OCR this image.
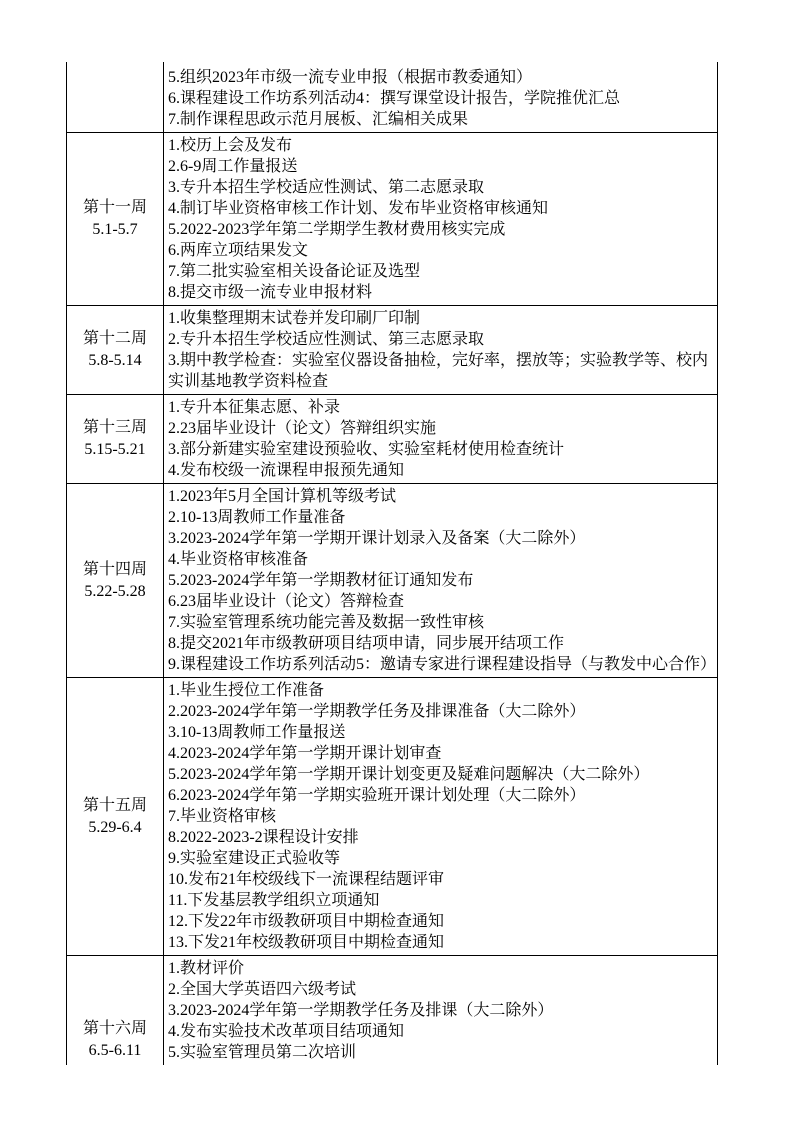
5.组织2023年市级一流专业申报（根据市教委通知）
6.课程建设工作坊系列活动4：撰写课堂设计报告，学院推优汇总
7.制作课程思政示范月展板、汇编相关成果
第十一周
5.1-5.7
1.校历上会及发布
2.6-9周工作量报送
3.专升本招生学校适应性测试、第二志愿录取
4.制订毕业资格审核工作计划、发布毕业资格审核通知
5.2022-2023学年第二学期学生教材费用核实完成
6.两库立项结果发文
7.第二批实验室相关设备论证及选型
8.提交市级一流专业申报材料
第十二周
5.8-5.14
1.收集整理期末试卷并发印刷厂印制
2.专升本招生学校适应性测试、第三志愿录取
3.期中教学检查：实验室仪器设备抽检，完好率，摆放等；实验教学等、校内实训基地教学资料检查
第十三周
5.15-5.21
1.专升本征集志愿、补录
2.23届毕业设计（论文）答辩组织实施
3.部分新建实验室建设预验收、实验室耗材使用检查统计
4.发布校级一流课程申报预先通知
第十四周
5.22-5.28
1.2023年5月全国计算机等级考试
2.10-13周教师工作量准备
3.2023-2024学年第一学期开课计划录入及备案（大二除外）
4.毕业资格审核准备
5.2023-2024学年第一学期教材征订通知发布
6.23届毕业设计（论文）答辩检查
7.实验室管理系统功能完善及数据一致性审核
8.提交2021年市级教研项目结项申请，同步展开结项工作
9.课程建设工作坊系列活动5：邀请专家进行课程建设指导（与教发中心合作）
第十五周
5.29-6.4
1.毕业生授位工作准备
2.2023-2024学年第一学期教学任务及排课准备（大二除外）
3.10-13周教师工作量报送
4.2023-2024学年第一学期开课计划审查
5.2023-2024学年第一学期开课计划变更及疑难问题解决（大二除外）
6.2023-2024学年第一学期实验班开课计划处理（大二除外）
7.毕业资格审核
8.2022-2023-2课程设计安排
9.实验室建设正式验收等
10.发布21年校级线下一流课程结题评审
11.下发基层教学组织立项通知
12.下发22年市级教研项目中期检查通知
13.下发21年校级教研项目中期检查通知
第十六周
6.5-6.11
1.教材评价
2.全国大学英语四六级考试
3.2023-2024学年第一学期教学任务及排课（大二除外）
4.发布实验技术改革项目结项通知
5.实验室管理员第二次培训
